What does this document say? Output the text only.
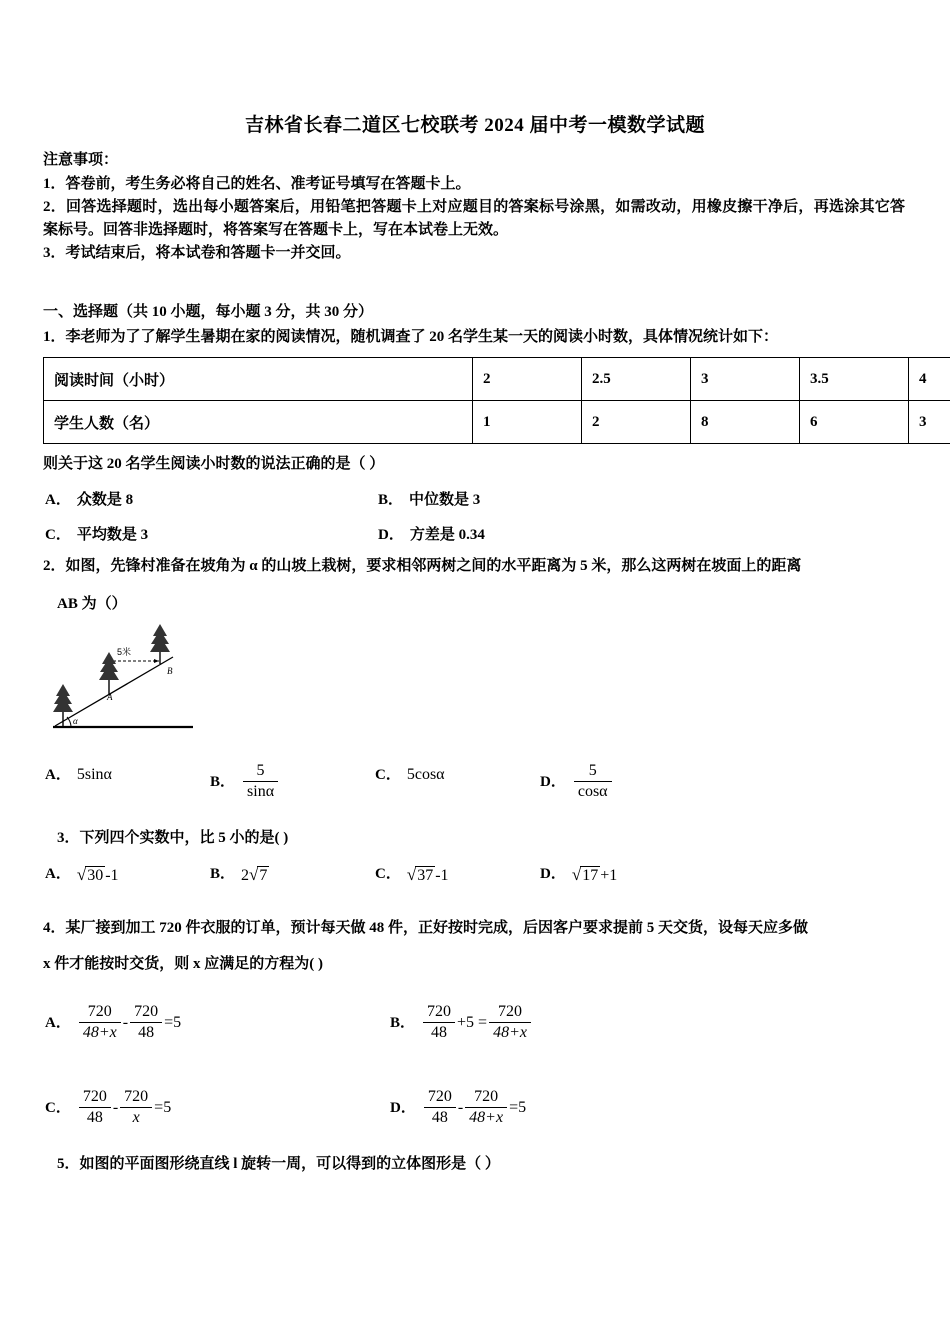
吉林省长春二道区七校联考 2024 届中考一模数学试题
注意事项：
1．答卷前，考生务必将自己的姓名、准考证号填写在答题卡上。
2．回答选择题时，选出每小题答案后，用铅笔把答题卡上对应题目的答案标号涂黑，如需改动，用橡皮擦干净后，再选涂其它答案标号。回答非选择题时，将答案写在答题卡上，写在本试卷上无效。
3．考试结束后，将本试卷和答题卡一并交回。
一、选择题（共 10 小题，每小题 3 分，共 30 分）
1．李老师为了了解学生暑期在家的阅读情况，随机调查了 20 名学生某一天的阅读小时数，具体情况统计如下：
阅读时间（小时）	2	2.5	3	3.5	4
学生人数（名）	1	2	8	6	3
则关于这 20 名学生阅读小时数的说法正确的是（ ）
A． 众数是 8	B． 中位数是 3
C． 平均数是 3	D． 方差是 0.34
2．如图，先锋村准备在坡角为 α 的山坡上栽树，要求相邻两树之间的水平距离为 5 米，那么这两树在坡面上的距离
AB 为（）
α
5米
A
B
A． 5sinα	B． $\frac{5}{\sin\alpha}$	C． 5cosα	D． $\frac{5}{\cos\alpha}$
3．下列四个实数中，比 5 小的是( )
A． √30 -1	B． 2√7	C． √37 -1	D． √17 +1
4．某厂接到加工 720 件衣服的订单，预计每天做 48 件，正好按时完成，后因客户要求提前 5 天交货，设每天应多做
x 件才能按时交货，则 x 应满足的方程为( )
A． $\frac{720}{48+x} - \frac{720}{48} =5$	B． $\frac{720}{48} +5 = \frac{720}{48+x}$
C． $\frac{720}{48} - \frac{720}{x} =5$	D． $\frac{720}{48} - \frac{720}{48+x} =5$
5．如图的平面图形绕直线 l 旋转一周，可以得到的立体图形是（ ）
